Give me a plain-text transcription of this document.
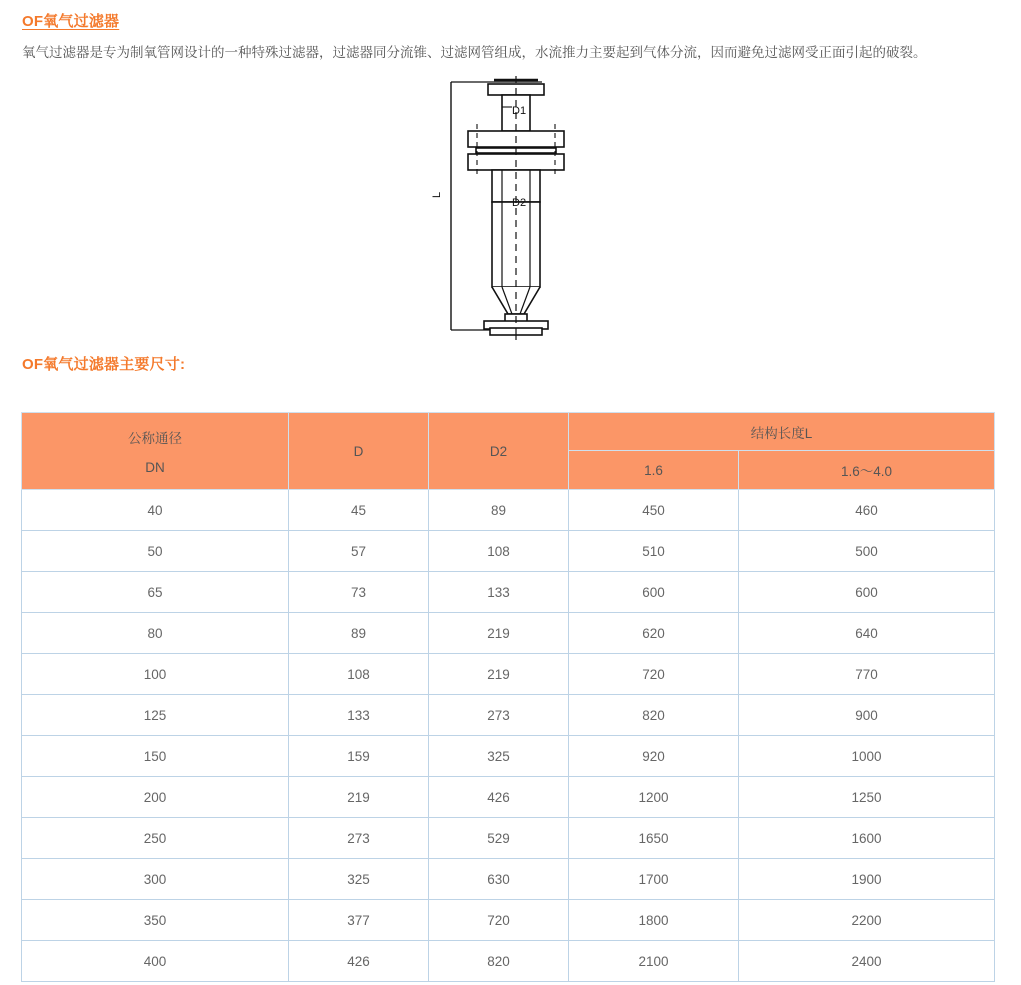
OF氧气过滤器
氧气过滤器是专为制氧管网设计的一种特殊过滤器，过滤器同分流锥、过滤网管组成，水流推力主要起到气体分流，因而避免过滤网受正面引起的破裂。
D1
D2
L
OF氧气过滤器主要尺寸:
公称通径
DN	D	D2	结构长度L	
			1.6	1.6～4.0
40	45	89	450	460
50	57	108	510	500
65	73	133	600	600
80	89	219	620	640
100	108	219	720	770
125	133	273	820	900
150	159	325	920	1000
200	219	426	1200	1250
250	273	529	1650	1600
300	325	630	1700	1900
350	377	720	1800	2200
400	426	820	2100	2400
